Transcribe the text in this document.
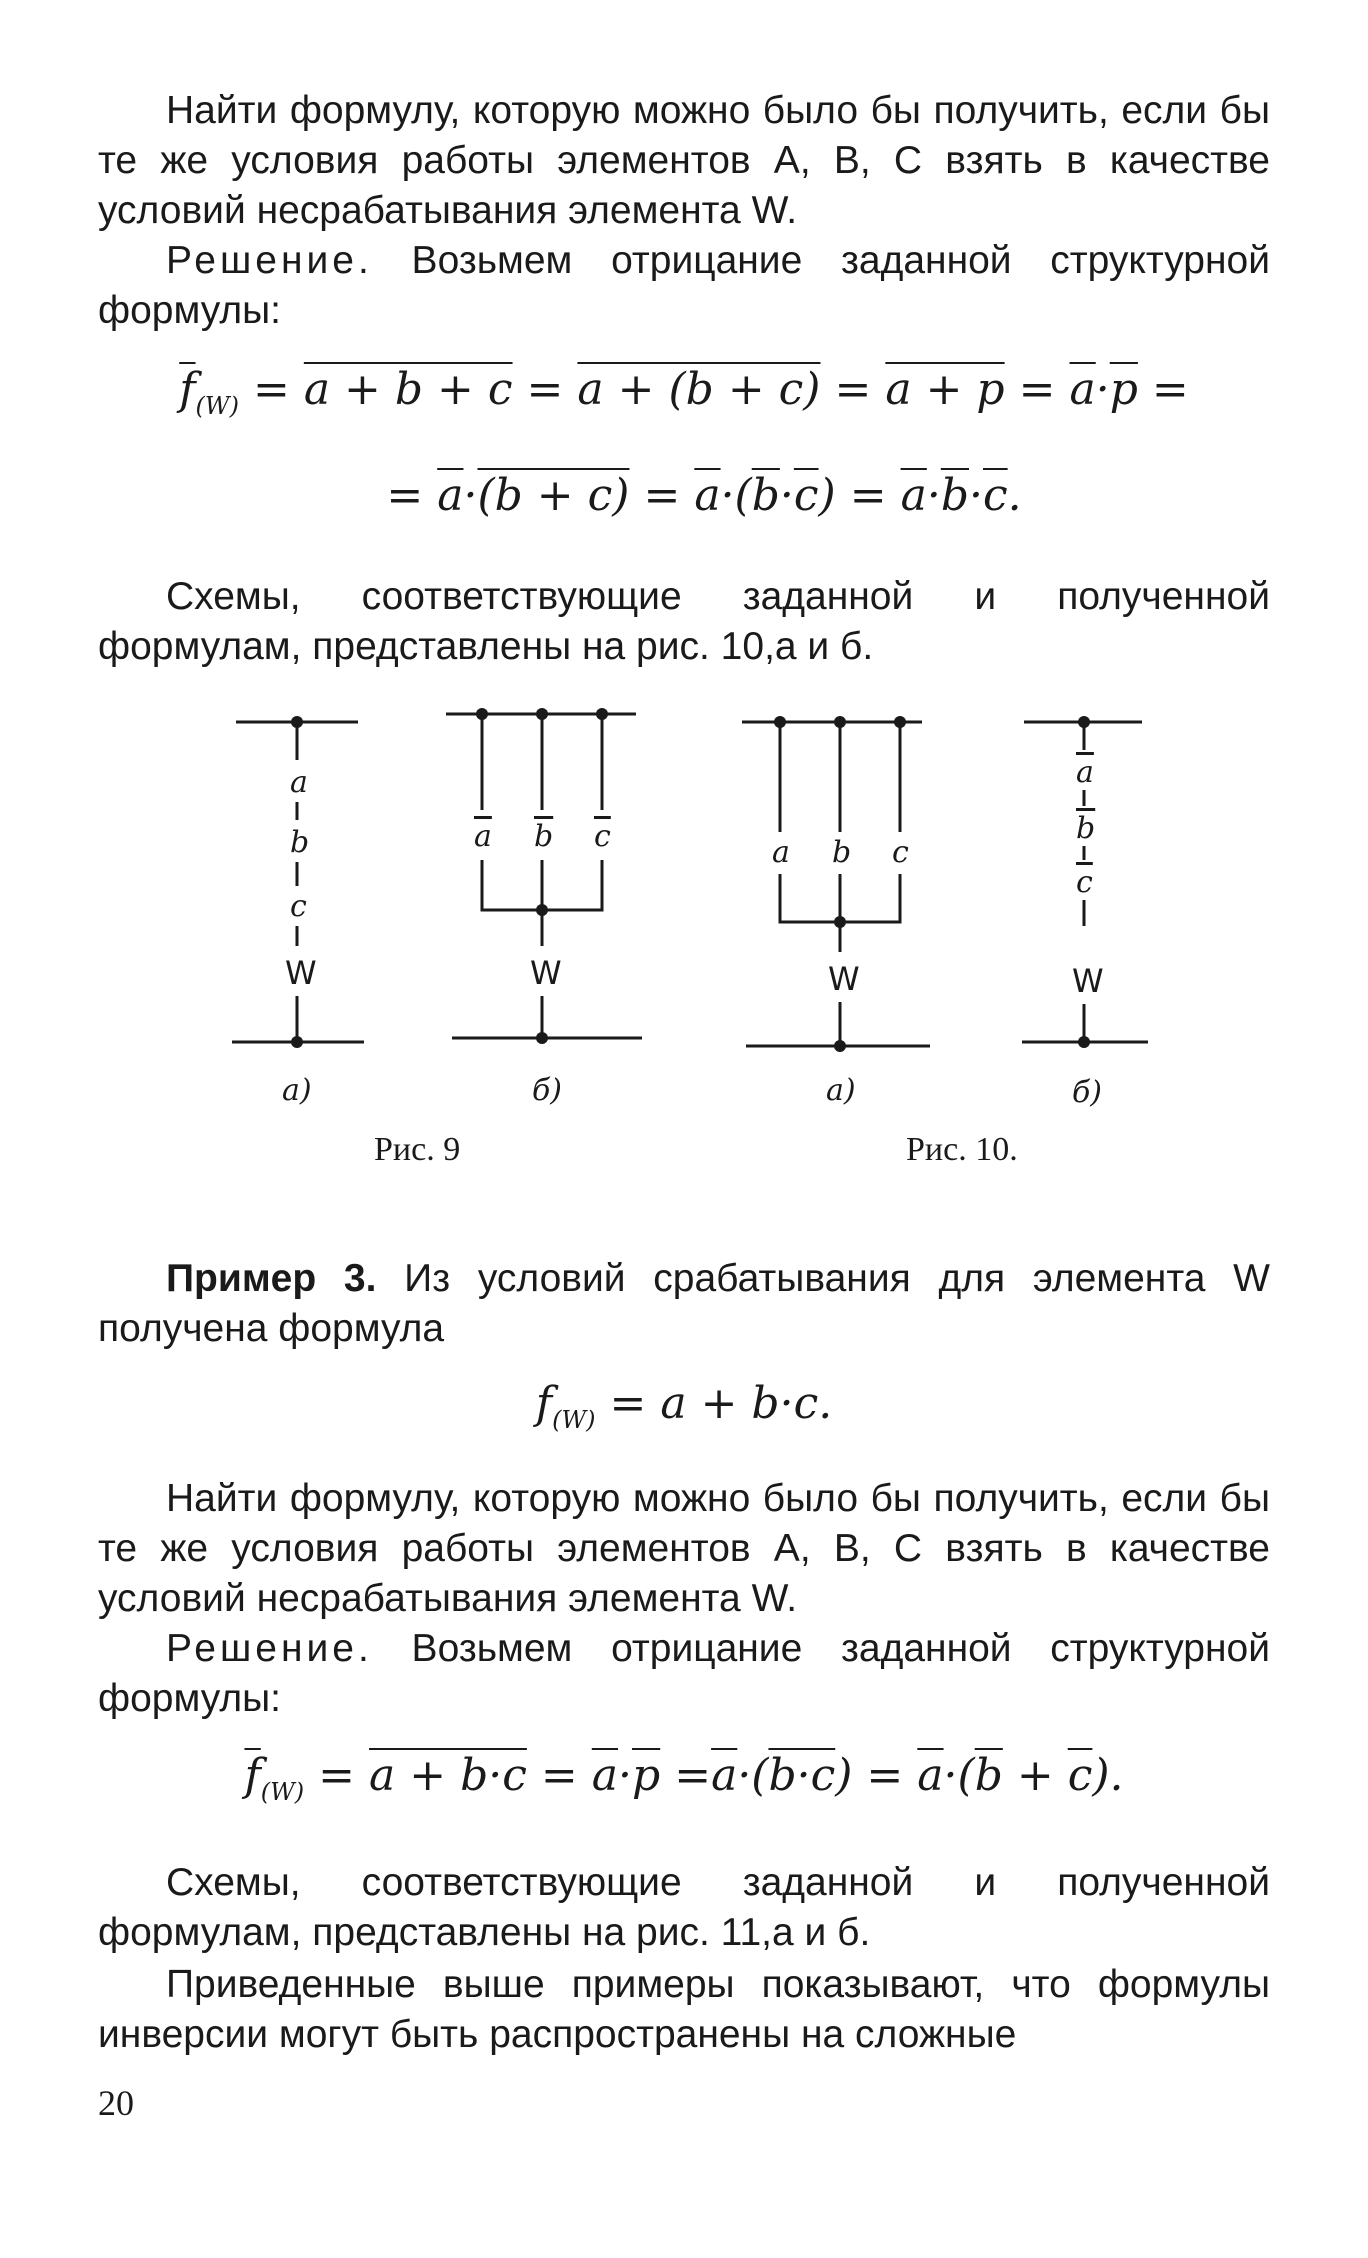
Найти формулу, которую можно было бы получить, если бы те же условия работы элементов A, B, C взять в качестве условий несрабатывания элемента W.

Решение. Возьмем отрицание заданной структурной формулы:

$\overline{f}_{(W)} = a + b + c = a + (b + c) = a + p = \overline{a}\cdot\overline{p}$ =
= $\overline{a}\cdot(b + c) = \overline{a}\cdot(\overline{b}\cdot\overline{c}) = \overline{a}\cdot\overline{b}\cdot\overline{c}$.

Схемы, соответствующие заданной и полученной формулам, представлены на рис. 10,а и б.

a
b
c
W
a b c
W
a b c
W
a
b
c
W
а)	б)	а)	б)
Рис. 9	Рис. 10.

Пример 3. Из условий срабатывания для элемента W получена формула

$f_{(W)} = a + b\cdot c$.

Найти формулу, которую можно было бы получить, если бы те же условия работы элементов A, B, C взять в качестве условий несрабатывания элемента W.

Решение. Возьмем отрицание заданной структурной формулы:

$\overline{f}_{(W)} = a + b\cdot c = \overline{a}\cdot\overline{p} =\overline{a}\cdot(b\cdot c) = \overline{a}\cdot(\overline{b} + \overline{c})$.

Схемы, соответствующие заданной и полученной формулам, представлены на рис. 11,а и б.

Приведенные выше примеры показывают, что формулы инверсии могут быть распространены на сложные

20
